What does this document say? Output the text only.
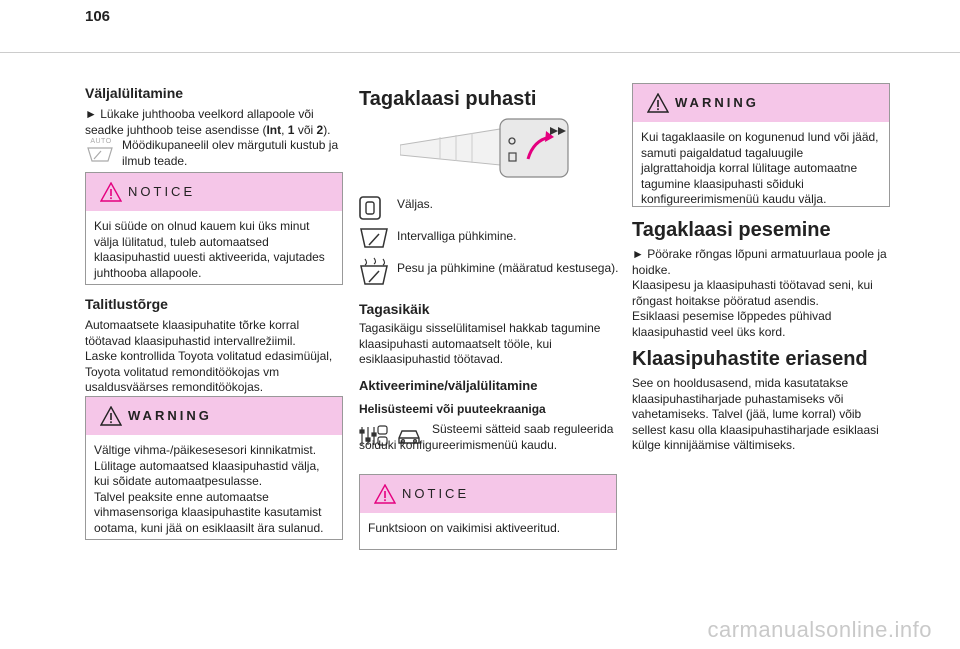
106
Väljalülitamine
► Lükake juhthooba veelkord allapoole või seadke juhthoob teise asendisse (Int, 1 või 2).
AUTO Möödikupaneelil olev märgutuli kustub ja ilmub teade.
NOTICE
Kui süüde on olnud kauem kui üks minut välja lülitatud, tuleb automaatsed klaasipuhastid uuesti aktiveerida, vajutades juhthooba allapoole.
Talitlustõrge
Automaatsete klaasipuhatite tõrke korral töötavad klaasipuhastid intervallrežiimil.
Laske kontrollida Toyota volitatud edasimüüjal, Toyota volitatud remonditöökojas vm usaldusväärses remonditöökojas.
WARNING
Vältige vihma-/päikesesesori kinnikatmist.
Lülitage automaatsed klaasipuhastid välja, kui sõidate automaatpesulasse.
Talvel peaksite enne automaatse vihmasensoriga klaasipuhastite kasutamist ootama, kuni jää on esiklaasilt ära sulanud.
Tagaklaasi puhasti
Väljas.
Intervalliga pühkimine.
Pesu ja pühkimine (määratud kestusega).
Tagasikäik
Tagasikäigu sisselülitamisel hakkab tagumine klaasipuhasti automaatselt tööle, kui esiklaasipuhastid töötavad.
Aktiveerimine/väljalülitamine
Helisüsteemi või puuteekraaniga
Süsteemi sätteid saab reguleerida sõiduki konfigureerimismenüü kaudu.
NOTICE
Funktsioon on vaikimisi aktiveeritud.
WARNING
Kui tagaklaasile on kogunenud lund või jääd, samuti paigaldatud tagaluugile jalgrattahoidja korral lülitage automaatne tagumine klaasipuhasti sõiduki konfigureerimismenüü kaudu välja.
Tagaklaasi pesemine
► Pöörake rõngas lõpuni armatuurlaua poole ja hoidke.
Klaasipesu ja klaasipuhasti töötavad seni, kui rõngast hoitakse pööratud asendis.
Esiklaasi pesemise lõppedes pühivad klaasipuhastid veel üks kord.
Klaasipuhastite eriasend
See on hooldusasend, mida kasutatakse klaasipuhastiharjade puhastamiseks või vahetamiseks. Talvel (jää, lume korral) võib sellest kasu olla klaasipuhastiharjade esiklaasi külge kinnijäämise vältimiseks.
carmanualsonline.info
